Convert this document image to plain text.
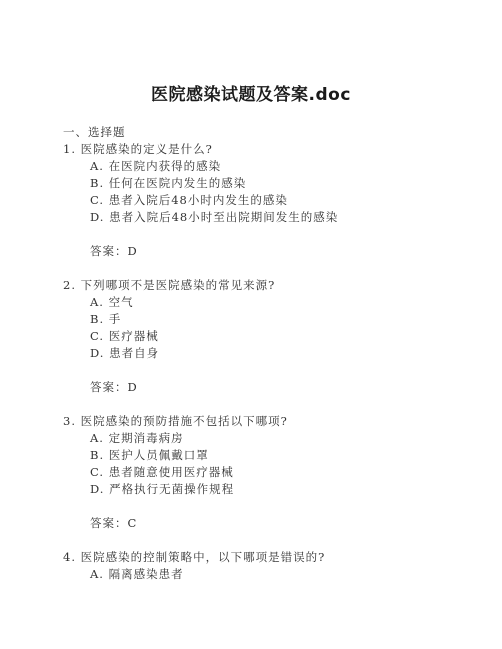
医院感染试题及答案.doc
一、选择题
1. 医院感染的定义是什么?
A. 在医院内获得的感染
B. 任何在医院内发生的感染
C. 患者入院后48小时内发生的感染
D. 患者入院后48小时至出院期间发生的感染
答案：D
2. 下列哪项不是医院感染的常见来源?
A. 空气
B. 手
C. 医疗器械
D. 患者自身
答案：D
3. 医院感染的预防措施不包括以下哪项?
A. 定期消毒病房
B. 医护人员佩戴口罩
C. 患者随意使用医疗器械
D. 严格执行无菌操作规程
答案：C
4. 医院感染的控制策略中，以下哪项是错误的?
A. 隔离感染患者
